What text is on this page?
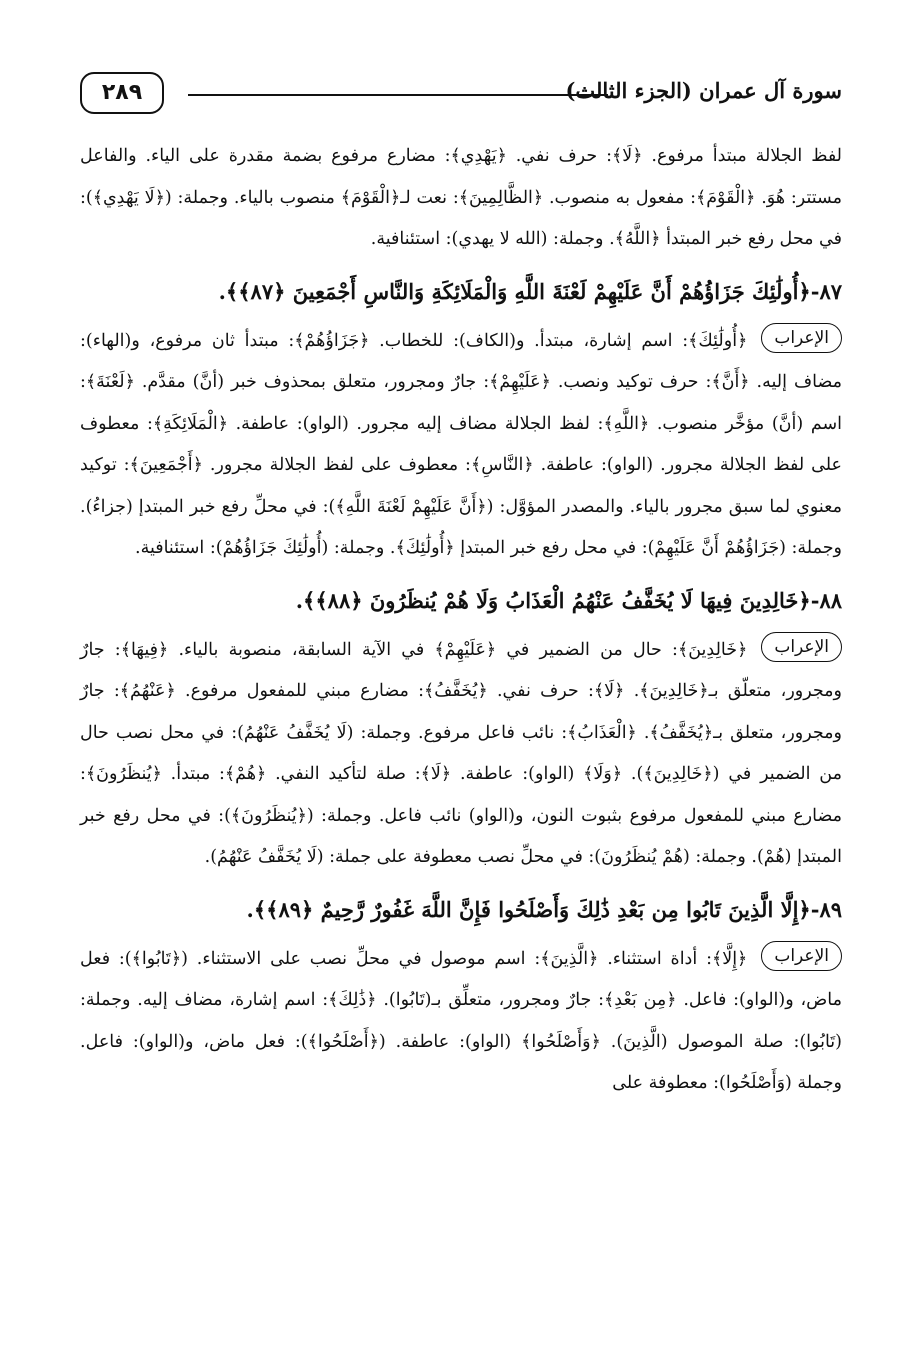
سورة آل عمران (الجزء الثالث)
٢٨٩
لفظ الجلالة مبتدأ مرفوع. ﴿لَا﴾: حرف نفي. ﴿يَهْدِي﴾: مضارع مرفوع بضمة مقدرة على الياء. والفاعل مستتر: هُوَ. ﴿الْقَوْمَ﴾: مفعول به منصوب. ﴿الظَّالِمِينَ﴾: نعت لـ﴿الْقَوْمَ﴾ منصوب بالياء. وجملة: (﴿لَا يَهْدِي﴾): في محل رفع خبر المبتدأ ﴿اللَّهُ﴾. وجملة: (الله لا يهدي): استئنافية.
٨٧-﴿أُولَٰئِكَ جَزَاؤُهُمْ أَنَّ عَلَيْهِمْ لَعْنَةَ اللَّهِ وَالْمَلَائِكَةِ وَالنَّاسِ أَجْمَعِينَ ﴿٨٧﴾﴾.
الإعراب﴿أُولَٰئِكَ﴾: اسم إشارة، مبتدأ. و(الكاف): للخطاب. ﴿جَزَاؤُهُمْ﴾: مبتدأ ثان مرفوع، و(الهاء): مضاف إليه. ﴿أَنَّ﴾: حرف توكيد ونصب. ﴿عَلَيْهِمْ﴾: جارٌ ومجرور، متعلق بمحذوف خبر (أنَّ) مقدَّم. ﴿لَعْنَةَ﴾: اسم (أنَّ) مؤخَّر منصوب. ﴿اللَّهِ﴾: لفظ الجلالة مضاف إليه مجرور. (الواو): عاطفة. ﴿الْمَلَائِكَةِ﴾: معطوف على لفظ الجلالة مجرور. (الواو): عاطفة. ﴿النَّاسِ﴾: معطوف على لفظ الجلالة مجرور. ﴿أَجْمَعِينَ﴾: توكيد معنوي لما سبق مجرور بالياء. والمصدر المؤوَّل: (﴿أَنَّ عَلَيْهِمْ لَعْنَةَ اللَّهِ﴾): في محلِّ رفع خبر المبتدإ (جزاءُ). وجملة: (جَزَاؤُهُمْ أَنَّ عَلَيْهِمْ): في محل رفع خبر المبتدإ ﴿أُولَٰئِكَ﴾. وجملة: (أُولَٰئِكَ جَزَاؤُهُمْ): استئنافية.
٨٨-﴿خَالِدِينَ فِيهَا لَا يُخَفَّفُ عَنْهُمُ الْعَذَابُ وَلَا هُمْ يُنظَرُونَ ﴿٨٨﴾﴾.
الإعراب﴿خَالِدِينَ﴾: حال من الضمير في ﴿عَلَيْهِمْ﴾ في الآية السابقة، منصوبة بالياء. ﴿فِيهَا﴾: جارٌ ومجرور، متعلّق بـ﴿خَالِدِينَ﴾. ﴿لَا﴾: حرف نفي. ﴿يُخَفَّفُ﴾: مضارع مبني للمفعول مرفوع. ﴿عَنْهُمُ﴾: جارٌ ومجرور، متعلق بـ﴿يُخَفَّفُ﴾. ﴿الْعَذَابُ﴾: نائب فاعل مرفوع. وجملة: (لَا يُخَفَّفُ عَنْهُمُ): في محل نصب حال من الضمير في (﴿خَالِدِينَ﴾). ﴿وَلَا﴾ (الواو): عاطفة. ﴿لَا﴾: صلة لتأكيد النفي. ﴿هُمْ﴾: مبتدأ. ﴿يُنظَرُونَ﴾: مضارع مبني للمفعول مرفوع بثبوت النون، و(الواو) نائب فاعل. وجملة: (﴿يُنظَرُونَ﴾): في محل رفع خبر المبتدإ (هُمْ). وجملة: (هُمْ يُنظَرُونَ): في محلِّ نصب معطوفة على جملة: (لَا يُخَفَّفُ عَنْهُمُ).
٨٩-﴿إِلَّا الَّذِينَ تَابُوا مِن بَعْدِ ذَٰلِكَ وَأَصْلَحُوا فَإِنَّ اللَّهَ غَفُورٌ رَّحِيمٌ ﴿٨٩﴾﴾.
الإعراب﴿إِلَّا﴾: أداة استثناء. ﴿الَّذِينَ﴾: اسم موصول في محلِّ نصب على الاستثناء. (﴿تَابُوا﴾): فعل ماض، و(الواو): فاعل. ﴿مِن بَعْدِ﴾: جارٌ ومجرور، متعلِّق بـ(تَابُوا). ﴿ذَٰلِكَ﴾: اسم إشارة، مضاف إليه. وجملة: (تَابُوا): صلة الموصول (الَّذِينَ). ﴿وَأَصْلَحُوا﴾ (الواو): عاطفة. (﴿أَصْلَحُوا﴾): فعل ماض، و(الواو): فاعل. وجملة (وَأَصْلَحُوا): معطوفة على
